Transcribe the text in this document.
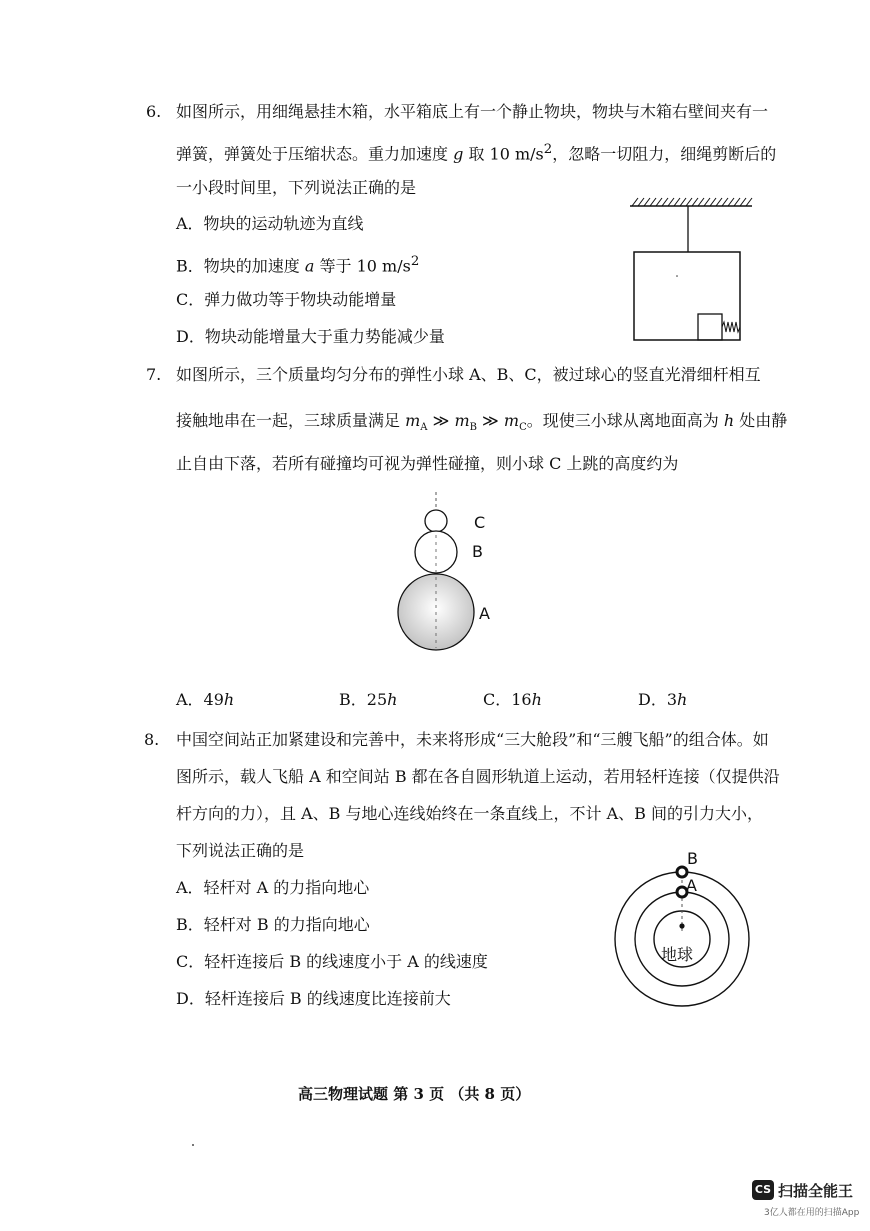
6. 如图所示，用细绳悬挂木箱，水平箱底上有一个静止物块，物块与木箱右壁间夹有一
弹簧，弹簧处于压缩状态。重力加速度 g 取 10 $m/s^2$，忽略一切阻力，细绳剪断后的
一小段时间里，下列说法正确的是
A．物块的运动轨迹为直线
B．物块的加速度 a 等于 10 $m/s^2$
C．弹力做功等于物块动能增量
D．物块动能增量大于重力势能减少量
7. 如图所示，三个质量均匀分布的弹性小球 A、B、C，被过球心的竖直光滑细杆相互
接触地串在一起，三球质量满足 $m_A$ ≫ $m_B$ ≫ $m_C$。现使三小球从离地面高为 h 处由静
止自由下落，若所有碰撞均可视为弹性碰撞，则小球 C 上跳的高度约为
C
B
A
A．49h	B．25h	C．16h	D．3h
8. 中国空间站正加紧建设和完善中，未来将形成“三大舱段”和“三艘飞船”的组合体。如
图所示，载人飞船 A 和空间站 B 都在各自圆形轨道上运动，若用轻杆连接（仅提供沿
杆方向的力），且 A、B 与地心连线始终在一条直线上，不计 A、B 间的引力大小，
下列说法正确的是
A．轻杆对 A 的力指向地心
B．轻杆对 B 的力指向地心
C．轻杆连接后 B 的线速度小于 A 的线速度
D．轻杆连接后 B 的线速度比连接前大
B
A
地球
高三物理试题 第 3 页 （共 8 页）
CS 扫描全能王
3亿人都在用的扫描App
